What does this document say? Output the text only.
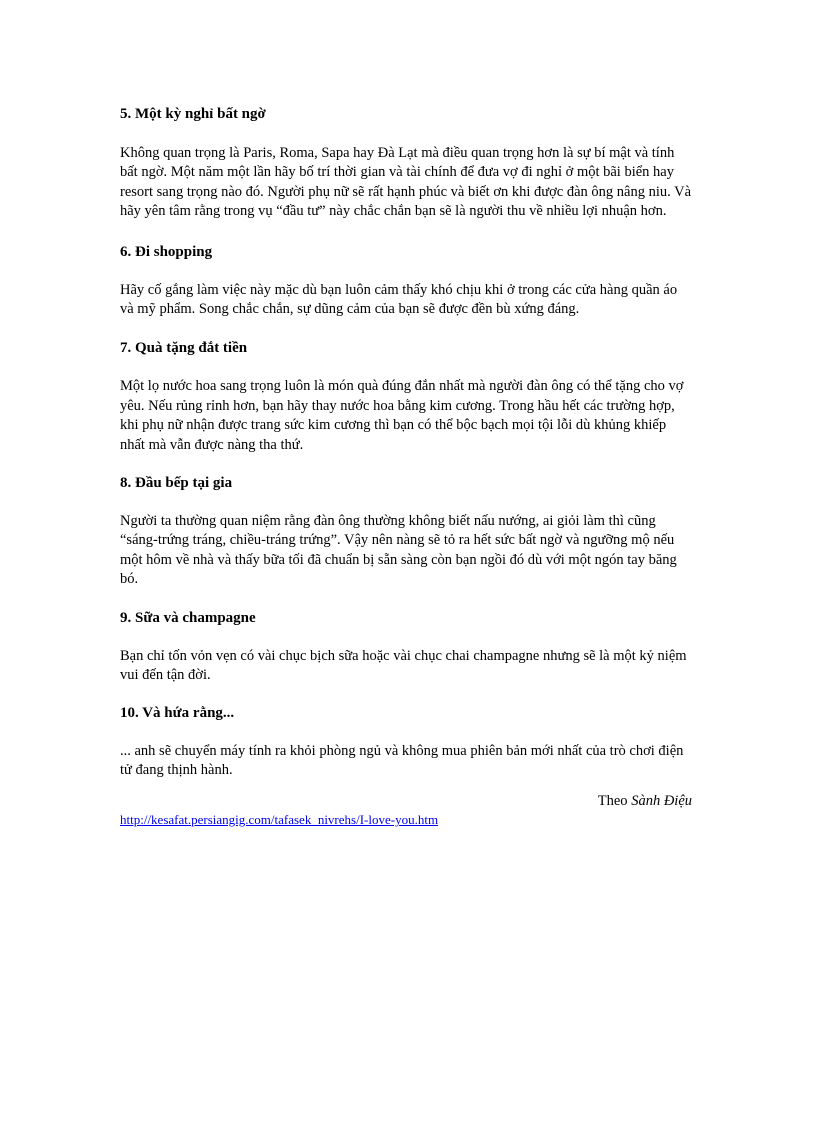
5. Một kỳ nghỉ bất ngờ

Không quan trọng là Paris, Roma, Sapa hay Đà Lạt mà điều quan trọng hơn là sự bí mật và tính bất ngờ. Một năm một lần hãy bố trí thời gian và tài chính để đưa vợ đi nghỉ ở một bãi biển hay resort sang trọng nào đó. Người phụ nữ sẽ rất hạnh phúc và biết ơn khi được đàn ông nâng niu. Và hãy yên tâm rằng trong vụ “đầu tư” này chắc chắn bạn sẽ là người thu về nhiều lợi nhuận hơn.

6. Đi shopping

Hãy cố gắng làm việc này mặc dù bạn luôn cảm thấy khó chịu khi ở trong các cửa hàng quần áo và mỹ phẩm. Song chắc chắn, sự dũng cảm của bạn sẽ được đền bù xứng đáng.

7. Quà tặng đắt tiền

Một lọ nước hoa sang trọng luôn là món quà đúng đắn nhất mà người đàn ông có thể tặng cho vợ yêu. Nếu rủng rỉnh hơn, bạn hãy thay nước hoa bằng kim cương. Trong hầu hết các trường hợp, khi phụ nữ nhận được trang sức kim cương thì bạn có thể bộc bạch mọi tội lỗi dù khủng khiếp nhất mà vẫn được nàng tha thứ.

8. Đầu bếp tại gia

Người ta thường quan niệm rằng đàn ông thường không biết nấu nướng, ai giỏi làm thì cũng “sáng-trứng tráng, chiều-tráng trứng”. Vậy nên nàng sẽ tỏ ra hết sức bất ngờ và ngưỡng mộ nếu một hôm về nhà và thấy bữa tối đã chuẩn bị sẵn sàng còn bạn ngồi đó dù với một ngón tay băng bó.

9. Sữa và champagne

Bạn chỉ tốn vỏn vẹn có vài chục bịch sữa hoặc vài chục chai champagne nhưng sẽ là một kỷ niệm vui đến tận đời.

10. Và hứa rằng...

... anh sẽ chuyển máy tính ra khỏi phòng ngủ và không mua phiên bản mới nhất của trò chơi điện tử đang thịnh hành.

Theo Sành Điệu

http://kesafat.persiangig.com/tafasek_nivrehs/I-love-you.htm
